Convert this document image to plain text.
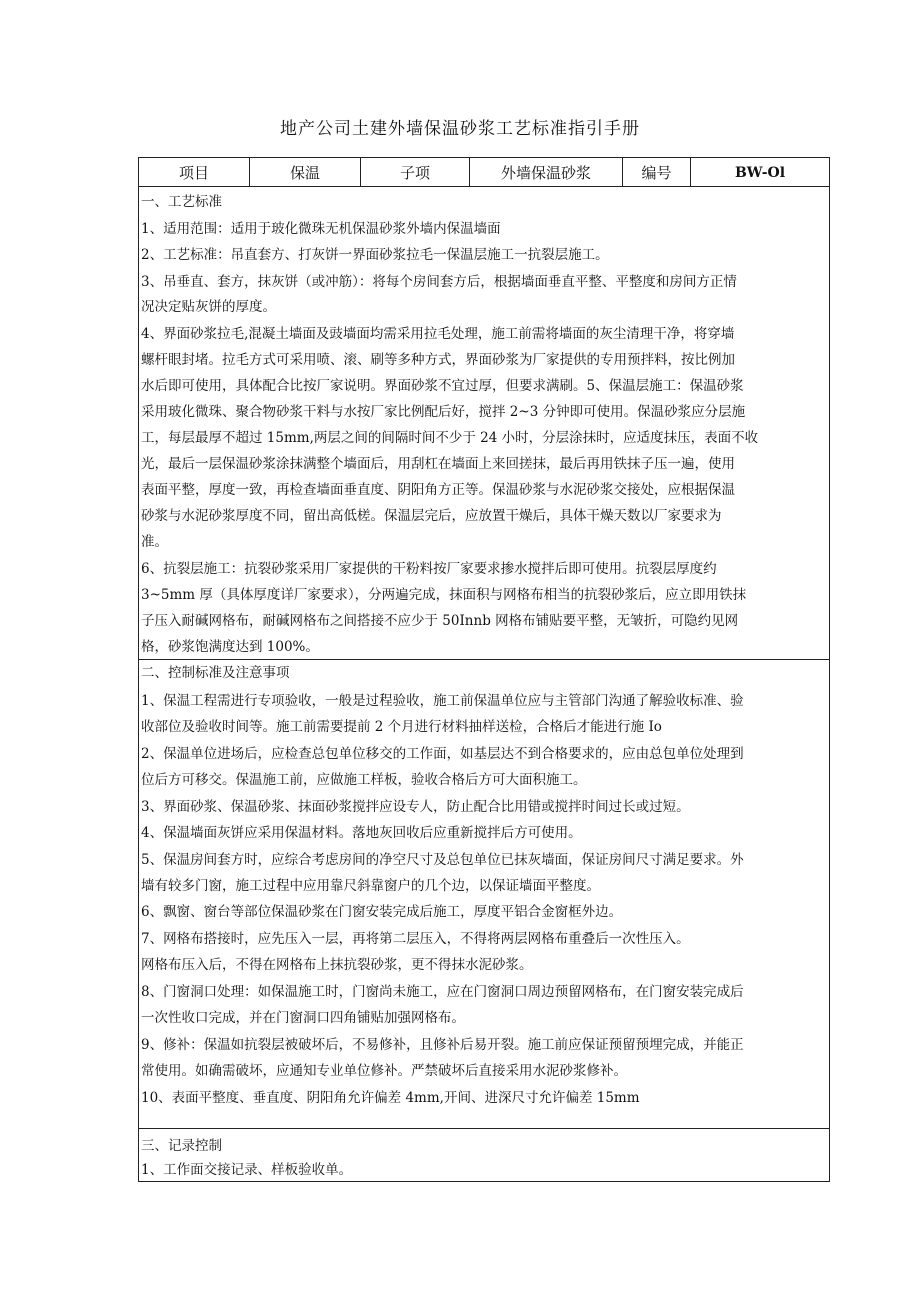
地产公司土建外墙保温砂浆工艺标准指引手册
项目	保温	子项	外墙保温砂浆	编号	BW-Ol
一、工艺标准
1、适用范围：适用于玻化微珠无机保温砂浆外墙内保温墙面
2、工艺标准：吊直套方、打灰饼一界面砂浆拉毛一保温层施工一抗裂层施工。
3、吊垂直、套方，抹灰饼（或冲筋）：将每个房间套方后，根据墙面垂直平整、平整度和房间方正情
况决定贴灰饼的厚度。
4、界面砂浆拉毛,混凝土墙面及豉墙面均需采用拉毛处理，施工前需将墙面的灰尘清理干净，将穿墙
螺杆眼封堵。拉毛方式可采用喷、滚、刷等多种方式，界面砂浆为厂家提供的专用预拌料，按比例加
水后即可使用，具体配合比按厂家说明。界面砂浆不宜过厚，但要求满刷。5、保温层施工：保温砂浆
采用玻化微珠、聚合物砂浆干料与水按厂家比例配后好，搅拌 2~3 分钟即可使用。保温砂浆应分层施
工，每层最厚不超过 15mm,两层之间的间隔时间不少于 24 小时，分层涂抹时，应适度抹压，表面不收
光，最后一层保温砂浆涂抹满整个墙面后，用刮杠在墙面上来回搓抹，最后再用铁抹子压一遍，使用
表面平整，厚度一致，再检查墙面垂直度、阴阳角方正等。保温砂浆与水泥砂浆交接处，应根据保温
砂浆与水泥砂浆厚度不同，留出高低槎。保温层完后，应放置干燥后，具体干燥天数以厂家要求为
准。
6、抗裂层施工：抗裂砂浆采用厂家提供的干粉料按厂家要求掺水搅拌后即可使用。抗裂层厚度约
3~5mm 厚（具体厚度详厂家要求），分两遍完成，抹面积与网格布相当的抗裂砂浆后，应立即用铁抹
子压入耐碱网格布，耐碱网格布之间搭接不应少于 50Innb 网格布铺贴要平整，无皱折，可隐约见网
格，砂浆饱满度达到 100%。
二、控制标准及注意事项
1、保温工程需进行专项验收，一般是过程验收，施工前保温单位应与主管部门沟通了解验收标准、验
收部位及验收时间等。施工前需要提前 2 个月进行材料抽样送检，合格后才能进行施 Io
2、保温单位进场后，应检查总包单位移交的工作面，如基层达不到合格要求的，应由总包单位处理到
位后方可移交。保温施工前，应做施工样板，验收合格后方可大面积施工。
3、界面砂浆、保温砂浆、抹面砂浆搅拌应设专人，防止配合比用错或搅拌时间过长或过短。
4、保温墙面灰饼应采用保温材料。落地灰回收后应重新搅拌后方可使用。
5、保温房间套方时，应综合考虑房间的净空尺寸及总包单位已抹灰墙面，保证房间尺寸满足要求。外
墙有较多门窗，施工过程中应用靠尺斜靠窗户的几个边，以保证墙面平整度。
6、飘窗、窗台等部位保温砂浆在门窗安装完成后施工，厚度平铝合金窗框外边。
7、网格布搭接时，应先压入一层，再将第二层压入，不得将两层网格布重叠后一次性压入。
网格布压入后，不得在网格布上抹抗裂砂浆，更不得抹水泥砂浆。
8、门窗洞口处理：如保温施工时，门窗尚未施工，应在门窗洞口周边预留网格布，在门窗安装完成后
一次性收口完成，并在门窗洞口四角铺贴加强网格布。
9、修补：保温如抗裂层被破坏后，不易修补，且修补后易开裂。施工前应保证预留预埋完成，并能正
常使用。如确需破坏，应通知专业单位修补。严禁破坏后直接采用水泥砂浆修补。
10、表面平整度、垂直度、阴阳角允许偏差 4mm,开间、进深尺寸允许偏差 15mm
三、记录控制
1、工作面交接记录、样板验收单。
